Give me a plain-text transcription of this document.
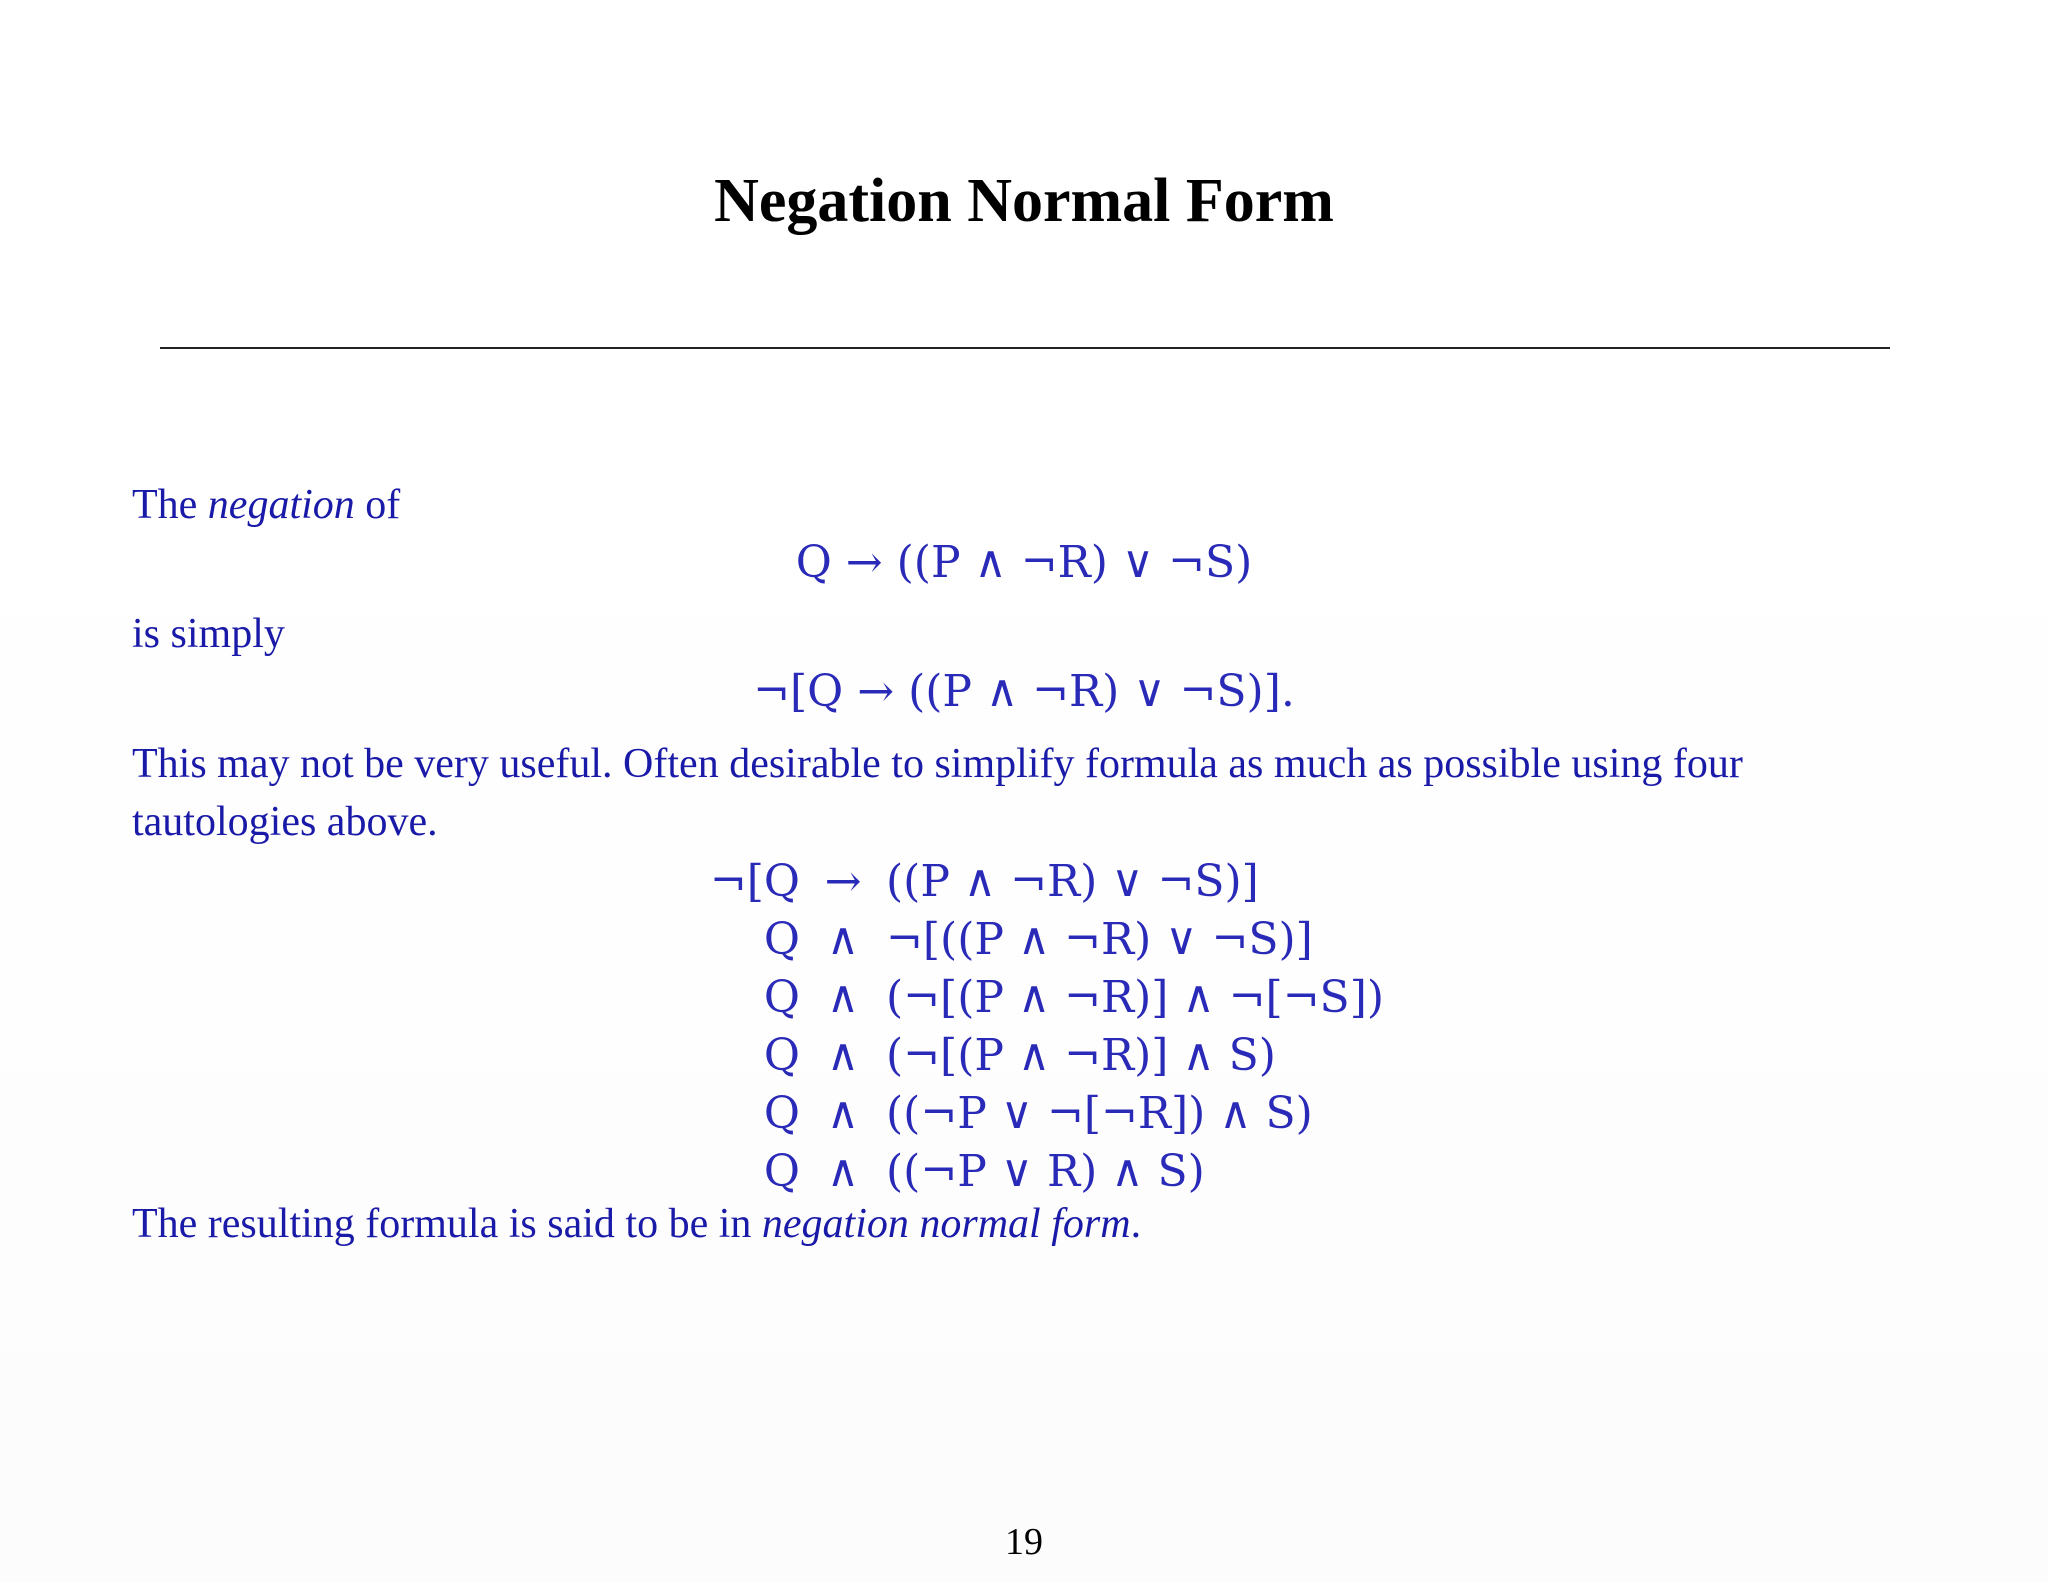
Negation Normal Form
The negation of
Q → ((P ∧ ¬R) ∨ ¬S)
is simply
¬[Q → ((P ∧ ¬R) ∨ ¬S)].
This may not be very useful. Often desirable to simplify formula as much as possible using four
tautologies above.
¬[Q → ((P ∧ ¬R) ∨ ¬S)]
Q ∧ ¬[((P ∧ ¬R) ∨ ¬S)]
Q ∧ (¬[(P ∧ ¬R)] ∧ ¬[¬S])
Q ∧ (¬[(P ∧ ¬R)] ∧ S)
Q ∧ ((¬P ∨ ¬[¬R]) ∧ S)
Q ∧ ((¬P ∨ R) ∧ S)
The resulting formula is said to be in negation normal form.
19
